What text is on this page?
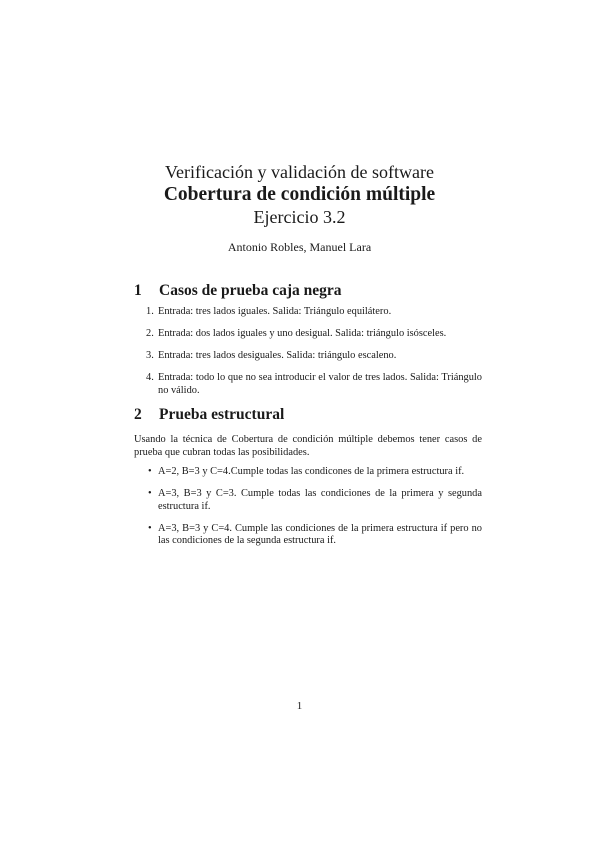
Verificación y validación de software
Cobertura de condición múltiple
Ejercicio 3.2
Antonio Robles, Manuel Lara
1 Casos de prueba caja negra
1. Entrada: tres lados iguales. Salida: Triángulo equilátero.
2. Entrada: dos lados iguales y uno desigual. Salida: triángulo isósceles.
3. Entrada: tres lados desiguales. Salida: triángulo escaleno.
4. Entrada: todo lo que no sea introducir el valor de tres lados. Salida: Triángulo no válido.
2 Prueba estructural
Usando la técnica de Cobertura de condición múltiple debemos tener casos de prueba que cubran todas las posibilidades.
• A=2, B=3 y C=4.Cumple todas las condicones de la primera estructura if.
• A=3, B=3 y C=3. Cumple todas las condiciones de la primera y segunda estructura if.
• A=3, B=3 y C=4. Cumple las condiciones de la primera estructura if pero no las condiciones de la segunda estructura if.
1
